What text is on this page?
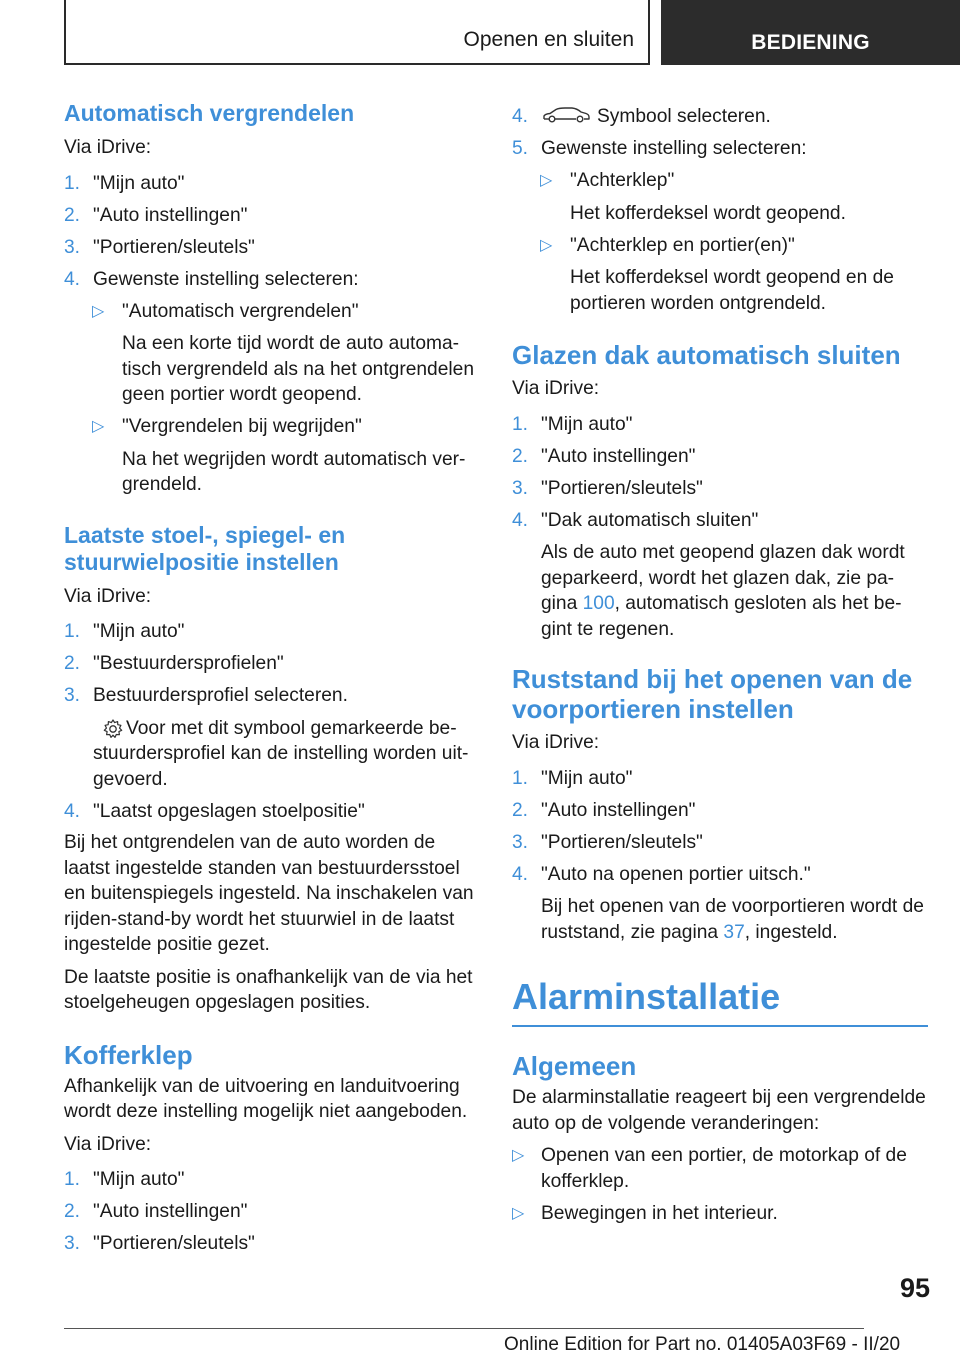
Openen en sluiten	BEDIENING
Automatisch vergrendelen
Via iDrive:
1. "Mijn auto"
2. "Auto instellingen"
3. "Portieren/sleutels"
4. Gewenste instelling selecteren:
▷ "Automatisch vergrendelen"
Na een korte tijd wordt de auto automa-
tisch vergrendeld als na het ontgrendelen
geen portier wordt geopend.
▷ "Vergrendelen bij wegrijden"
Na het wegrijden wordt automatisch ver-
grendeld.
Laatste stoel-, spiegel- en
stuurwielpositie instellen
Via iDrive:
1. "Mijn auto"
2. "Bestuurdersprofielen"
3. Bestuurdersprofiel selecteren.
Voor met dit symbool gemarkeerde be-
stuurdersprofiel kan de instelling worden uit-
gevoerd.
4. "Laatst opgeslagen stoelpositie"
Bij het ontgrendelen van de auto worden de
laatst ingestelde standen van bestuurdersstoel
en buitenspiegels ingesteld. Na inschakelen van
rijden-stand-by wordt het stuurwiel in de laatst
ingestelde positie gezet.
De laatste positie is onafhankelijk van de via het
stoelgeheugen opgeslagen posities.
Kofferklep
Afhankelijk van de uitvoering en landuitvoering
wordt deze instelling mogelijk niet aangeboden.
Via iDrive:
1. "Mijn auto"
2. "Auto instellingen"
3. "Portieren/sleutels"
4.	Symbool selecteren.
5. Gewenste instelling selecteren:
▷ "Achterklep"
Het kofferdeksel wordt geopend.
▷ "Achterklep en portier(en)"
Het kofferdeksel wordt geopend en de
portieren worden ontgrendeld.
Glazen dak automatisch sluiten
Via iDrive:
1. "Mijn auto"
2. "Auto instellingen"
3. "Portieren/sleutels"
4. "Dak automatisch sluiten"
Als de auto met geopend glazen dak wordt
geparkeerd, wordt het glazen dak, zie pa-
gina 100, automatisch gesloten als het be-
gint te regenen.
Ruststand bij het openen van de
voorportieren instellen
Via iDrive:
1. "Mijn auto"
2. "Auto instellingen"
3. "Portieren/sleutels"
4. "Auto na openen portier uitsch."
Bij het openen van de voorportieren wordt de
ruststand, zie pagina 37, ingesteld.
Alarminstallatie
Algemeen
De alarminstallatie reageert bij een vergrendelde
auto op de volgende veranderingen:
▷ Openen van een portier, de motorkap of de
kofferklep.
▷ Bewegingen in het interieur.
95
Online Edition for Part no. 01405A03F69 - II/20
